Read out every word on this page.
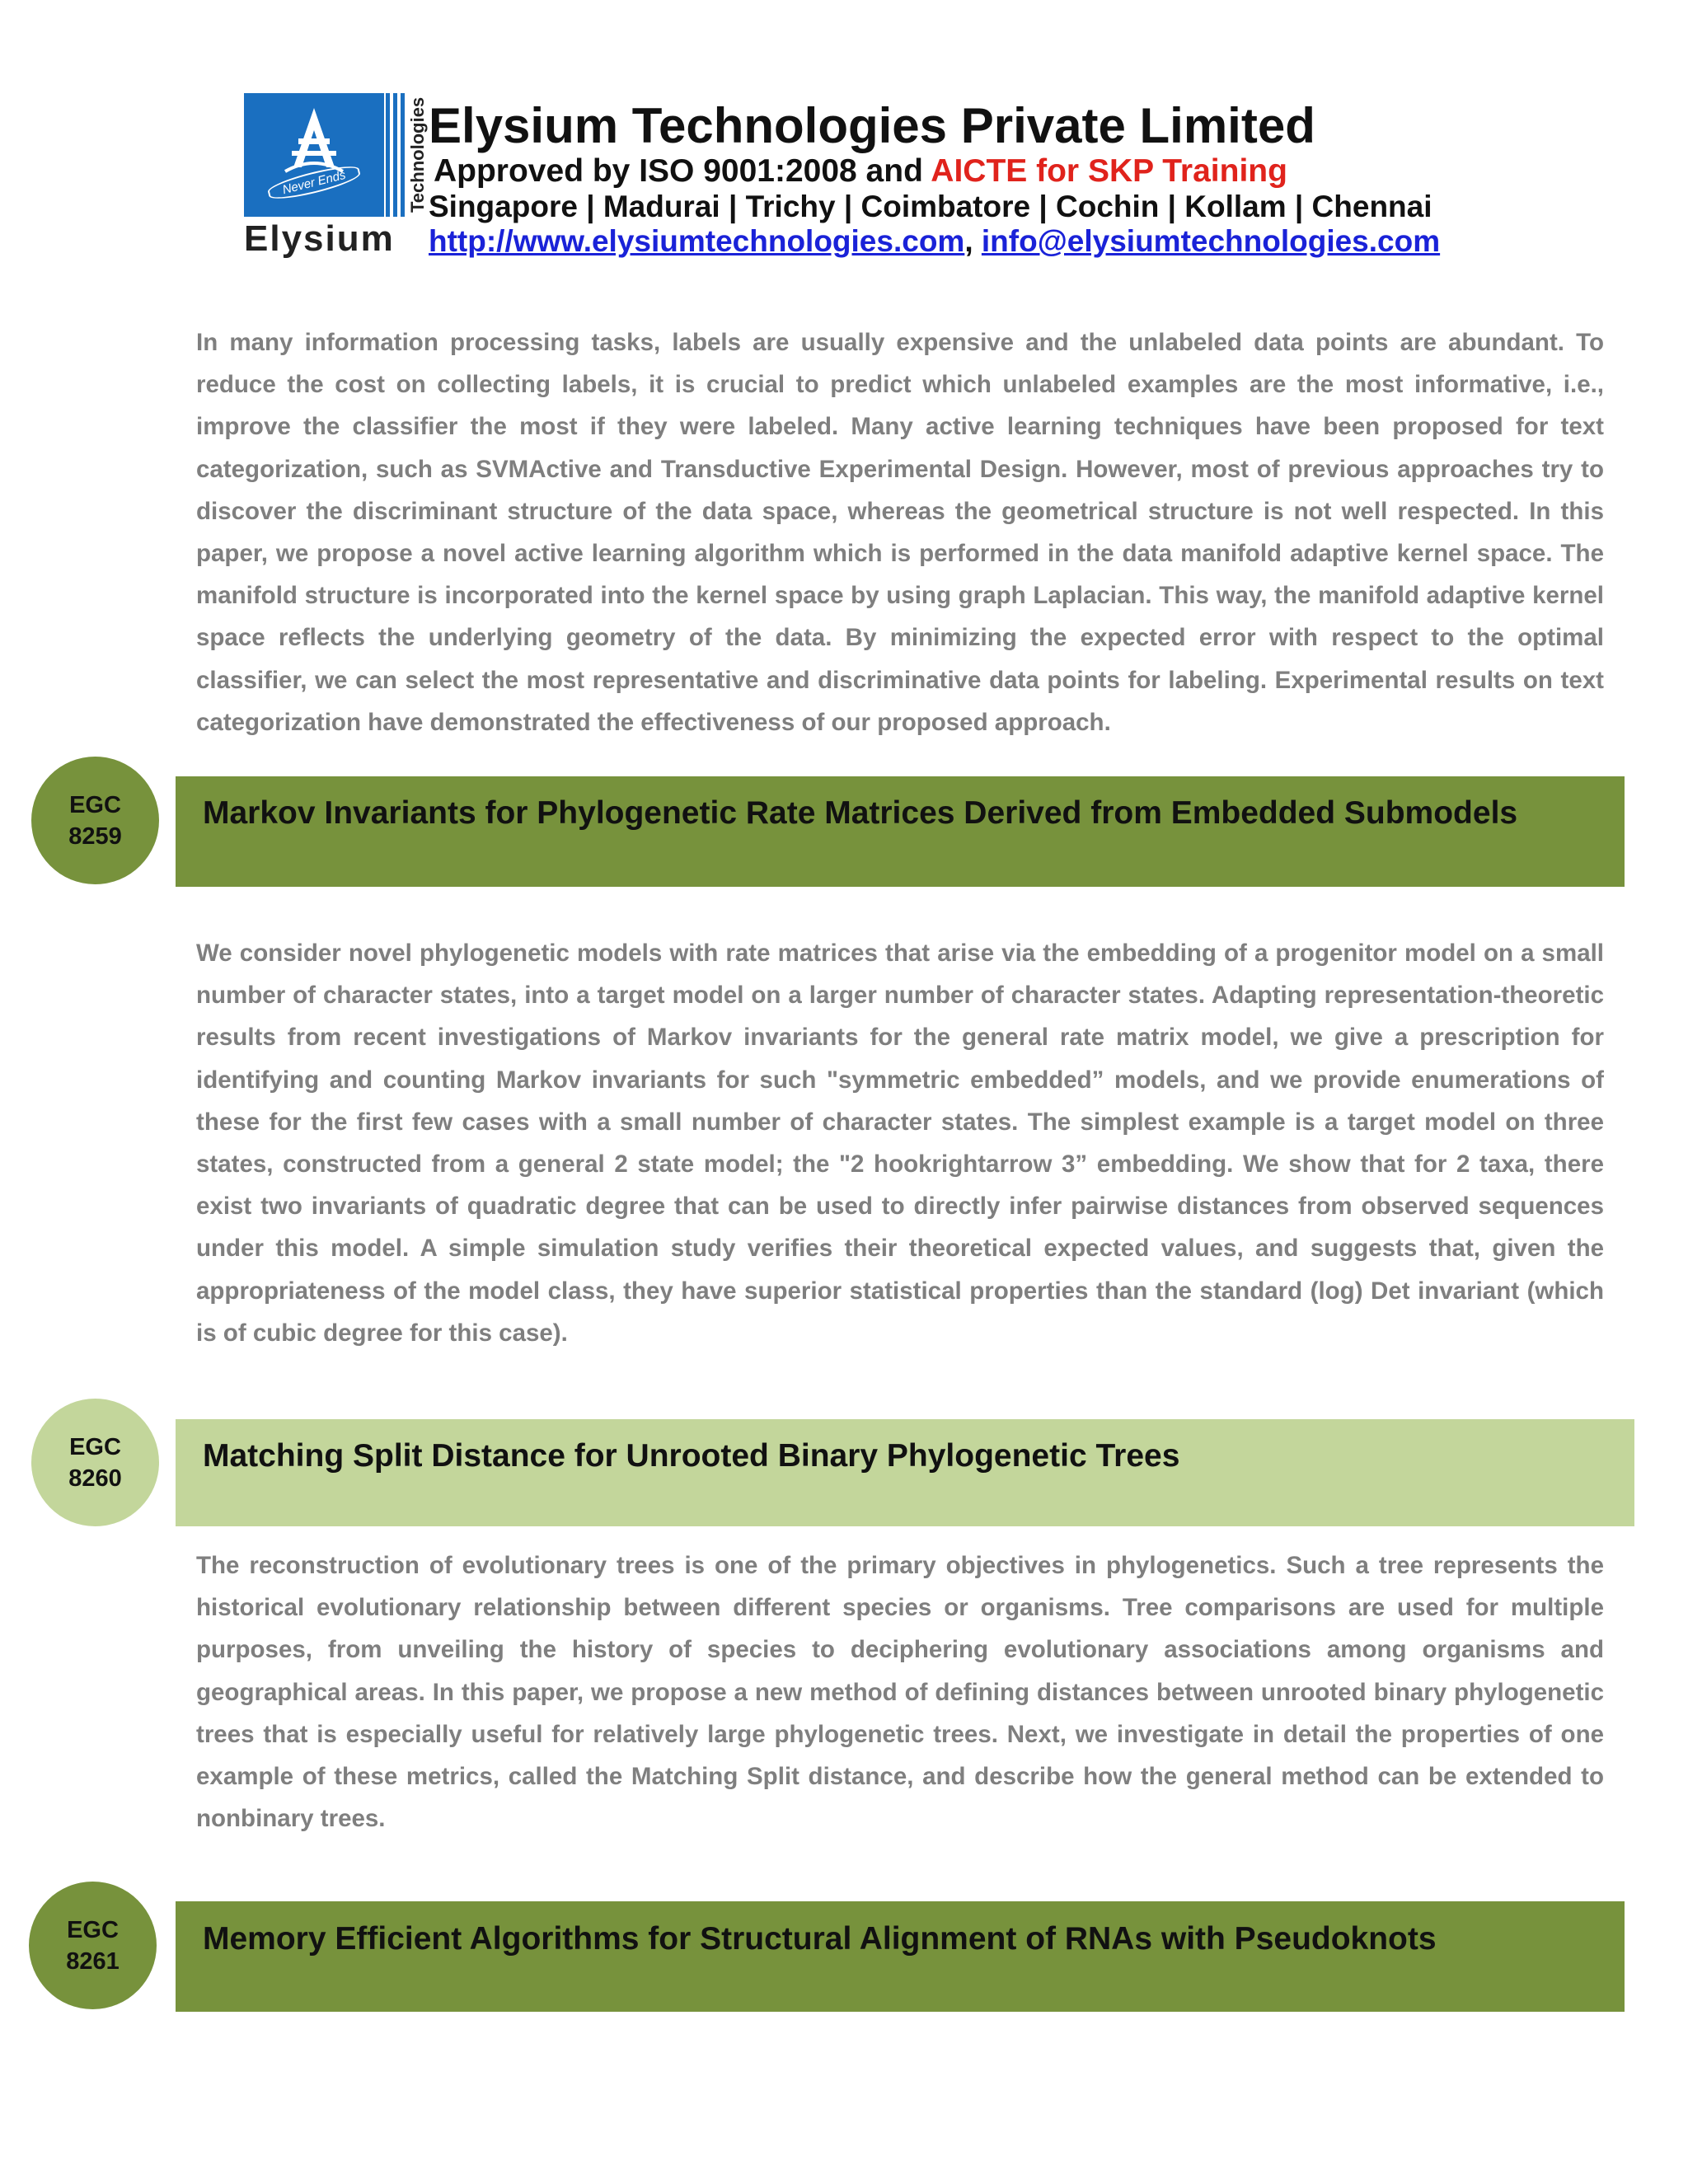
Never Ends	Technologies
Elysium
Elysium Technologies Private Limited
Approved by ISO 9001:2008 and AICTE for SKP Training
Singapore | Madurai | Trichy | Coimbatore | Cochin | Kollam | Chennai
http://www.elysiumtechnologies.com, info@elysiumtechnologies.com

In many information processing tasks, labels are usually expensive and the unlabeled data points are abundant. To reduce the cost on collecting labels, it is crucial to predict which unlabeled examples are the most informative, i.e., improve the classifier the most if they were labeled. Many active learning techniques have been proposed for text categorization, such as SVMActive and Transductive Experimental Design. However, most of previous approaches try to discover the discriminant structure of the data space, whereas the geometrical structure is not well respected. In this paper, we propose a novel active learning algorithm which is performed in the data manifold adaptive kernel space. The manifold structure is incorporated into the kernel space by using graph Laplacian. This way, the manifold adaptive kernel space reflects the underlying geometry of the data. By minimizing the expected error with respect to the optimal classifier, we can select the most representative and discriminative data points for labeling. Experimental results on text categorization have demonstrated the effectiveness of our proposed approach.

EGC
8259
Markov Invariants for Phylogenetic Rate Matrices Derived from Embedded Submodels

We consider novel phylogenetic models with rate matrices that arise via the embedding of a progenitor model on a small number of character states, into a target model on a larger number of character states. Adapting representation-theoretic results from recent investigations of Markov invariants for the general rate matrix model, we give a prescription for identifying and counting Markov invariants for such "symmetric embedded” models, and we provide enumerations of these for the first few cases with a small number of character states. The simplest example is a target model on three states, constructed from a general 2 state model; the "2 hookrightarrow 3” embedding. We show that for 2 taxa, there exist two invariants of quadratic degree that can be used to directly infer pairwise distances from observed sequences under this model. A simple simulation study verifies their theoretical expected values, and suggests that, given the appropriateness of the model class, they have superior statistical properties than the standard (log) Det invariant (which is of cubic degree for this case).

EGC
8260
Matching Split Distance for Unrooted Binary Phylogenetic Trees

The reconstruction of evolutionary trees is one of the primary objectives in phylogenetics. Such a tree represents the historical evolutionary relationship between different species or organisms. Tree comparisons are used for multiple purposes, from unveiling the history of species to deciphering evolutionary associations among organisms and geographical areas. In this paper, we propose a new method of defining distances between unrooted binary phylogenetic trees that is especially useful for relatively large phylogenetic trees. Next, we investigate in detail the properties of one example of these metrics, called the Matching Split distance, and describe how the general method can be extended to nonbinary trees.

EGC
8261
Memory Efficient Algorithms for Structural Alignment of RNAs with Pseudoknots
